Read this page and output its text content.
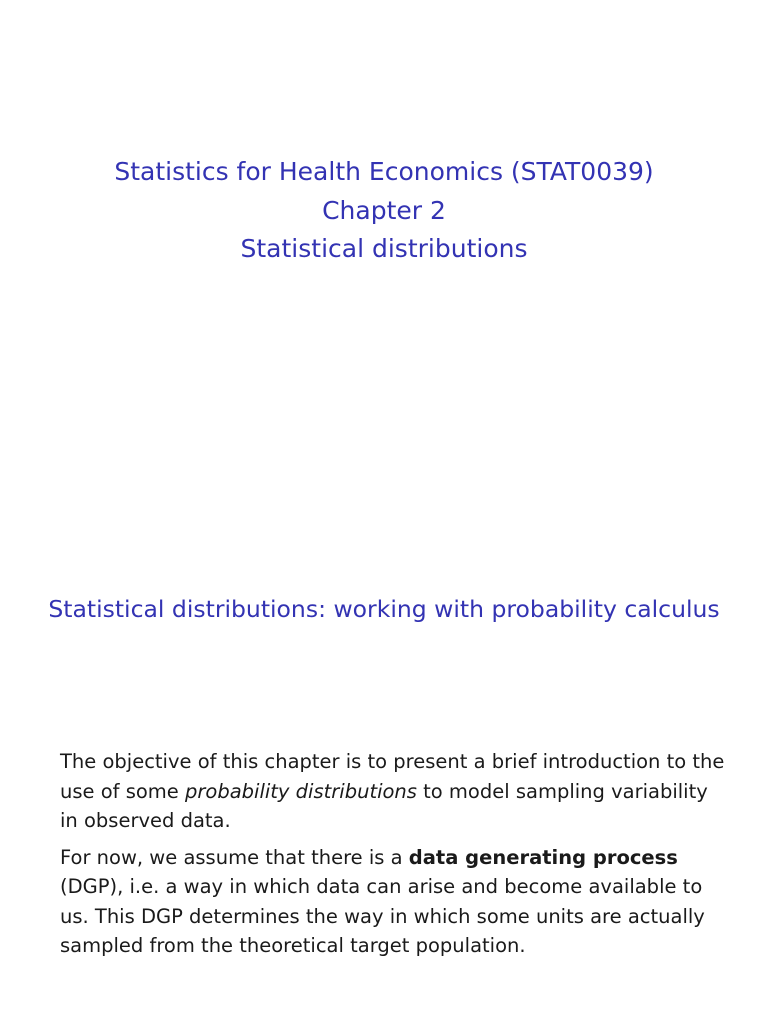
Statistics for Health Economics (STAT0039)
Chapter 2
Statistical distributions
Statistical distributions: working with probability calculus

The objective of this chapter is to present a brief introduction to the use of some probability distributions to model sampling variability in observed data.

For now, we assume that there is a data generating process (DGP), i.e. a way in which data can arise and become available to us. This DGP determines the way in which some units are actually sampled from the theoretical target population.
